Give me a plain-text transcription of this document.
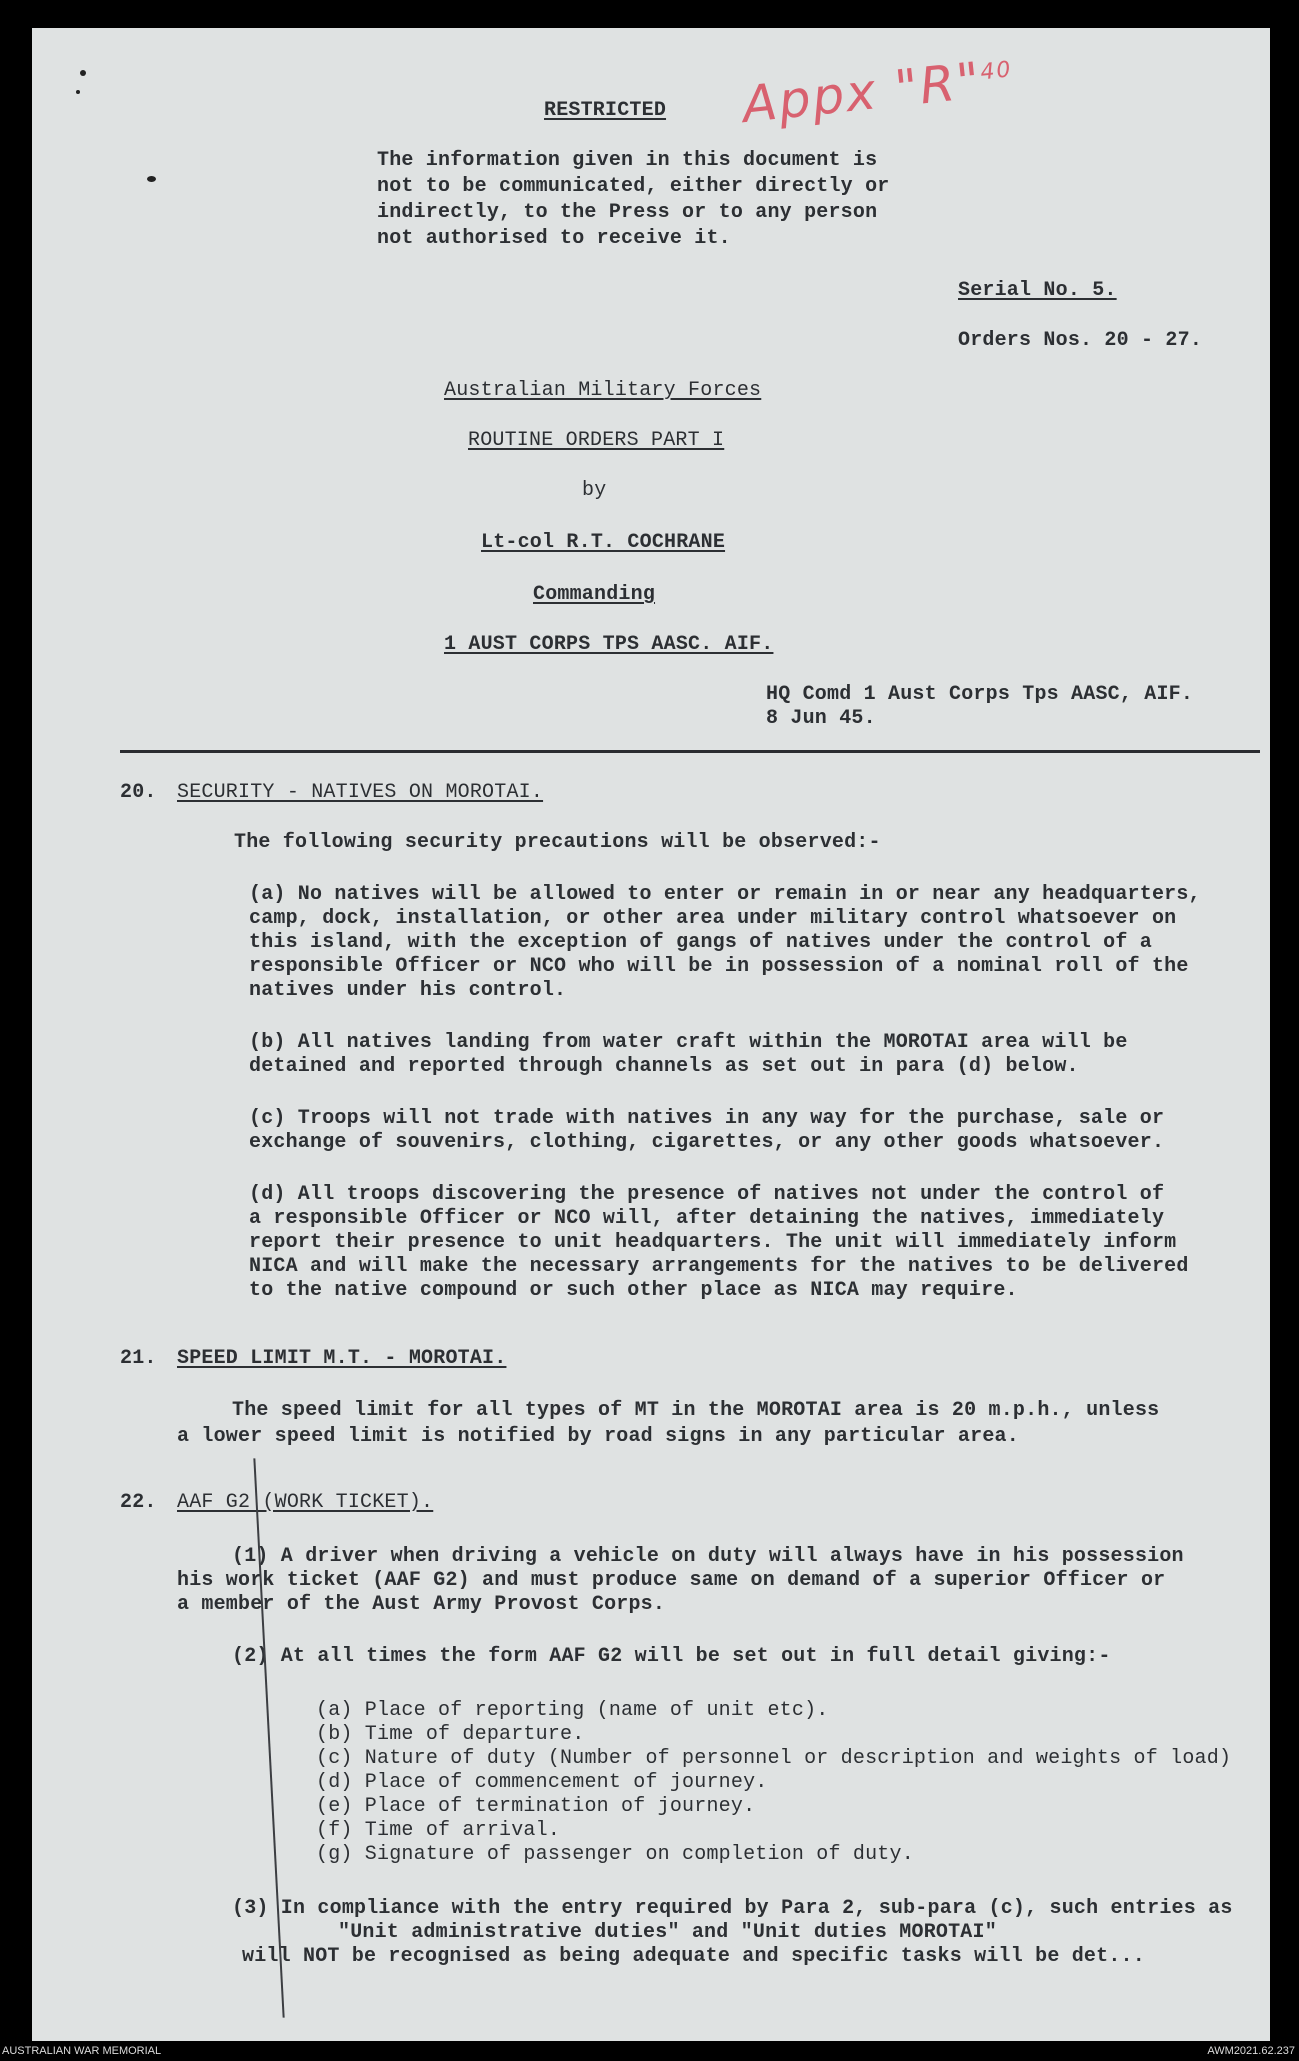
Appx "R"$^{40}$
RESTRICTED
The information given in this document is
not to be communicated, either directly or
indirectly, to the Press or to any person
not authorised to receive it.
Serial No. 5.
Orders Nos. 20 - 27.
Australian Military Forces
ROUTINE ORDERS PART I
by
Lt-col R.T. COCHRANE
Commanding
1 AUST CORPS TPS AASC. AIF.
HQ Comd 1 Aust Corps Tps AASC, AIF.
8 Jun 45.
20. SECURITY - NATIVES ON MOROTAI.
The following security precautions will be observed:-
(a) No natives will be allowed to enter or remain in or near any headquarters,
camp, dock, installation, or other area under military control whatsoever on
this island, with the exception of gangs of natives under the control of a
responsible Officer or NCO who will be in possession of a nominal roll of the
natives under his control.
(b) All natives landing from water craft within the MOROTAI area will be
detained and reported through channels as set out in para (d) below.
(c) Troops will not trade with natives in any way for the purchase, sale or
exchange of souvenirs, clothing, cigarettes, or any other goods whatsoever.
(d) All troops discovering the presence of natives not under the control of
a responsible Officer or NCO will, after detaining the natives, immediately
report their presence to unit headquarters. The unit will immediately inform
NICA and will make the necessary arrangements for the natives to be delivered
to the native compound or such other place as NICA may require.
21. SPEED LIMIT M.T. - MOROTAI.
The speed limit for all types of MT in the MOROTAI area is 20 m.p.h., unless
a lower speed limit is notified by road signs in any particular area.
22. AAF G2 (WORK TICKET).
(1) A driver when driving a vehicle on duty will always have in his possession
his work ticket (AAF G2) and must produce same on demand of a superior Officer or
a member of the Aust Army Provost Corps.
(2) At all times the form AAF G2 will be set out in full detail giving:-
(a) Place of reporting (name of unit etc).
(b) Time of departure.
(c) Nature of duty (Number of personnel or description and weights of load)
(d) Place of commencement of journey.
(e) Place of termination of journey.
(f) Time of arrival.
(g) Signature of passenger on completion of duty.
(3) In compliance with the entry required by Para 2, sub-para (c), such entries as
"Unit administrative duties" and "Unit duties MOROTAI"
will NOT be recognised as being adequate and specific tasks will be det...
AUSTRALIAN WAR MEMORIAL	AWM2021.62.237
